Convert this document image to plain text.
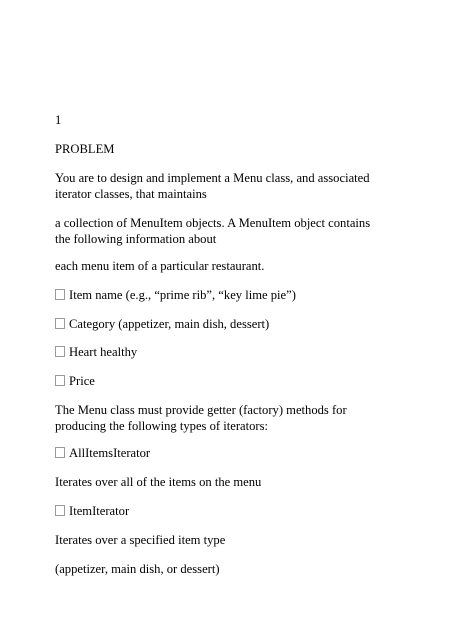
1

PROBLEM

You are to design and implement a Menu class, and associated

iterator classes, that maintains

a collection of MenuItem objects. A MenuItem object contains

the following information about

each menu item of a particular restaurant.

Item name (e.g., “prime rib”, “key lime pie”)

Category (appetizer, main dish, dessert)

Heart healthy

Price

The Menu class must provide getter (factory) methods for

producing the following types of iterators:

AllItemsIterator

Iterates over all of the items on the menu

ItemIterator

Iterates over a specified item type

(appetizer, main dish, or dessert)
